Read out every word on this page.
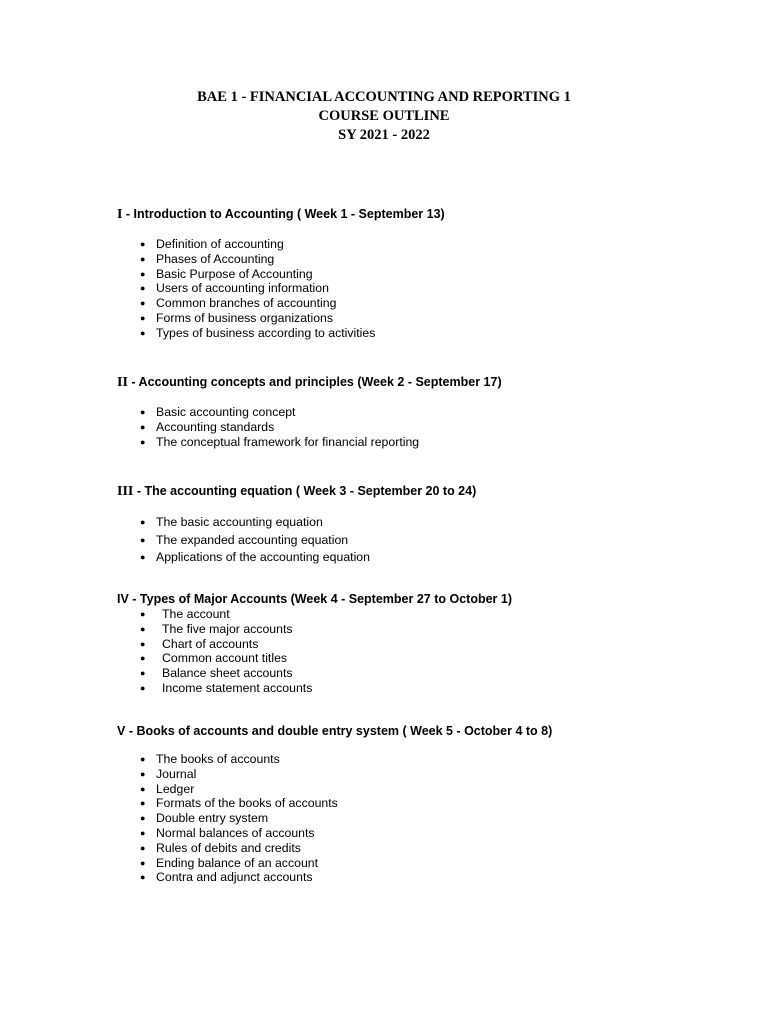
BAE 1 - FINANCIAL ACCOUNTING AND REPORTING 1
COURSE OUTLINE
SY 2021 - 2022
I - Introduction to Accounting ( Week 1 - September 13)
● Definition of accounting
● Phases of Accounting
● Basic Purpose of Accounting
● Users of accounting information
● Common branches of accounting
● Forms of business organizations
● Types of business according to activities
II - Accounting concepts and principles (Week 2 - September 17)
● Basic accounting concept
● Accounting standards
● The conceptual framework for financial reporting
III - The accounting equation ( Week 3 - September 20 to 24)
● The basic accounting equation
● The expanded accounting equation
● Applications of the accounting equation
IV - Types of Major Accounts (Week 4 - September 27 to October 1)
● The account
● The five major accounts
● Chart of accounts
● Common account titles
● Balance sheet accounts
● Income statement accounts
V - Books of accounts and double entry system ( Week 5 - October 4 to 8)
● The books of accounts
● Journal
● Ledger
● Formats of the books of accounts
● Double entry system
● Normal balances of accounts
● Rules of debits and credits
● Ending balance of an account
● Contra and adjunct accounts
